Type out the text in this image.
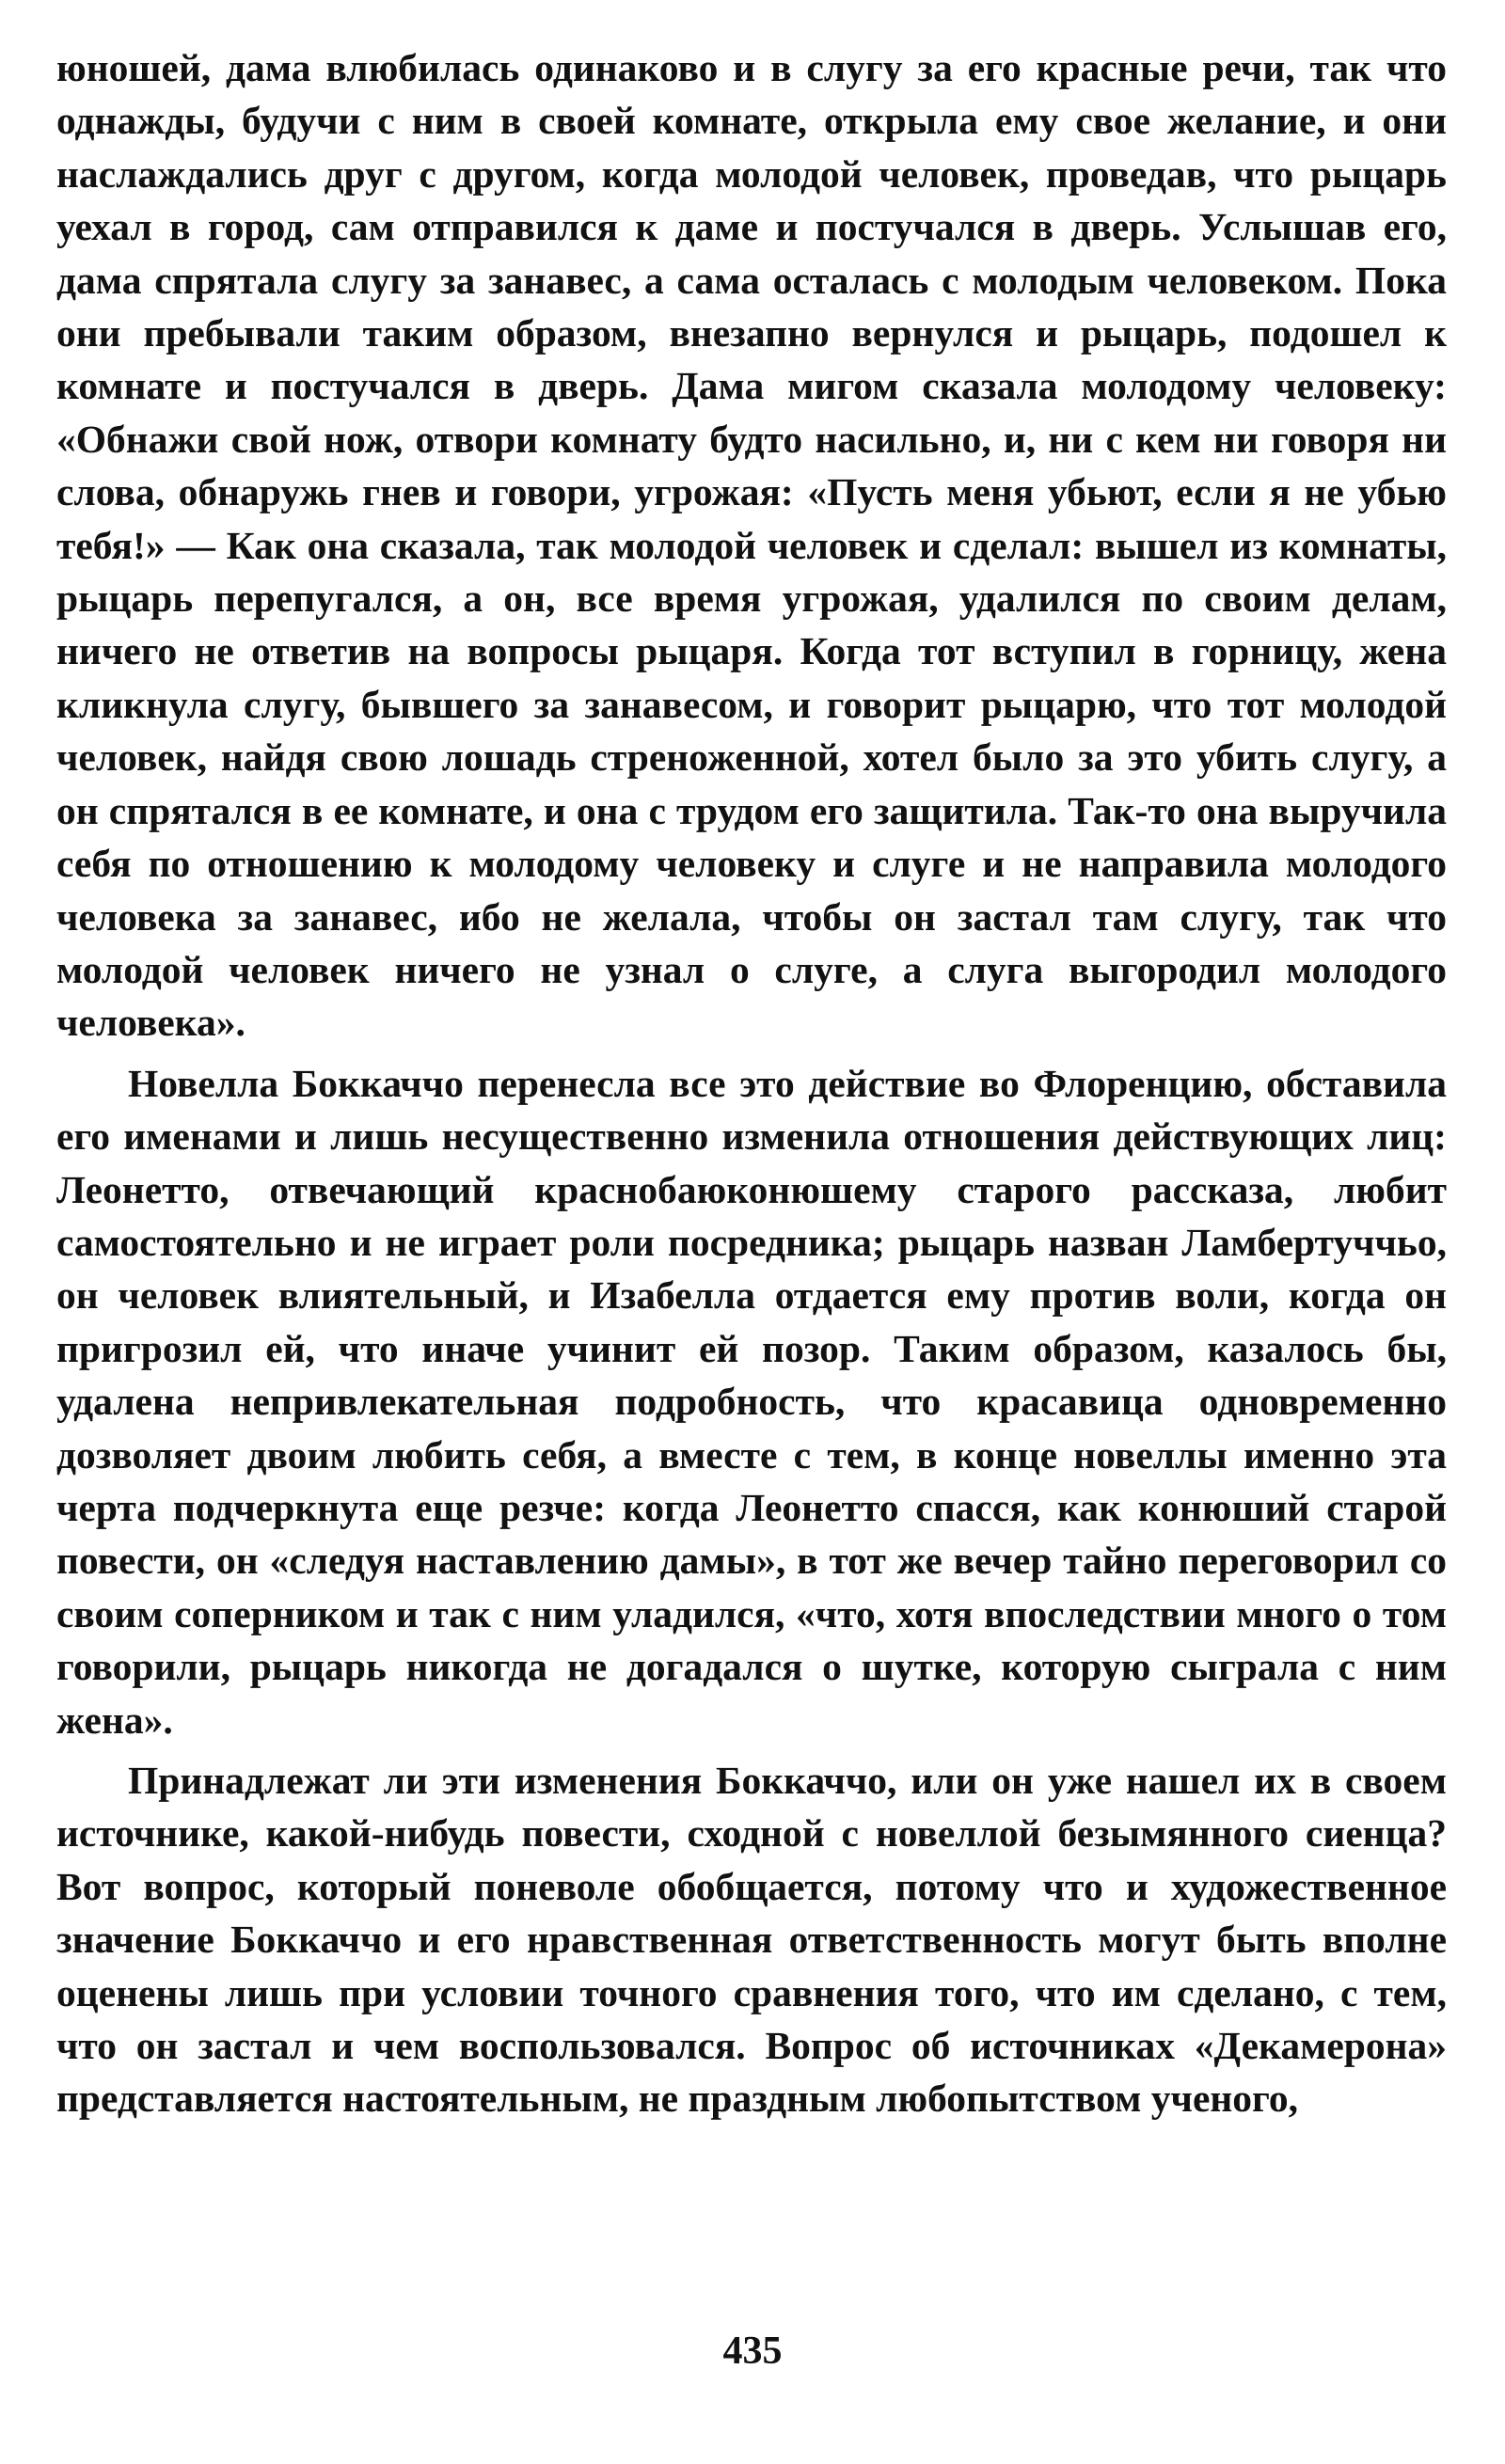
юношей, дама влюбилась одинаково и в слугу за его красные речи, так что однажды, будучи с ним в своей комнате, открыла ему свое желание, и они наслаждались друг с другом, когда молодой человек, проведав, что рыцарь уехал в город, сам отправился к даме и постучался в дверь. Услышав его, дама спрятала слугу за занавес, а сама осталась с молодым человеком. Пока они пребывали таким образом, внезапно вернулся и рыцарь, подошел к комнате и постучался в дверь. Дама мигом сказала молодому человеку: «Обнажи свой нож, отвори комнату будто насильно, и, ни с кем ни говоря ни слова, обнаружь гнев и говори, угрожая: «Пусть меня убьют, если я не убью тебя!» — Как она сказала, так молодой человек и сделал: вышел из комнаты, рыцарь перепугался, а он, все время угрожая, удалился по своим делам, ничего не ответив на вопросы рыцаря. Когда тот вступил в горницу, жена кликнула слугу, бывшего за занавесом, и говорит рыцарю, что тот молодой человек, найдя свою лошадь стреноженной, хотел было за это убить слугу, а он спрятался в ее комнате, и она с трудом его защитила. Так-то она выручила себя по отношению к молодому человеку и слуге и не направила молодого человека за занавес, ибо не желала, чтобы он застал там слугу, так что молодой человек ничего не узнал о слуге, а слуга выгородил молодого человека».

Новелла Боккаччо перенесла все это действие во Флоренцию, обставила его именами и лишь несущественно изменила отношения действующих лиц: Леонетто, отвечающий краснобаюконюшему старого рассказа, любит самостоятельно и не играет роли посредника; рыцарь назван Ламбертуччьо, он человек влиятельный, и Изабелла отдается ему против воли, когда он пригрозил ей, что иначе учинит ей позор. Таким образом, казалось бы, удалена непривлекательная подробность, что красавица одновременно дозволяет двоим любить себя, а вместе с тем, в конце новеллы именно эта черта подчеркнута еще резче: когда Леонетто спасся, как конюший старой повести, он «следуя наставлению дамы», в тот же вечер тайно переговорил со своим соперником и так с ним уладился, «что, хотя впоследствии много о том говорили, рыцарь никогда не догадался о шутке, которую сыграла с ним жена».

Принадлежат ли эти изменения Боккаччо, или он уже нашел их в своем источнике, какой-нибудь повести, сходной с новеллой безымянного сиенца? Вот вопрос, который поневоле обобщается, потому что и художественное значение Боккаччо и его нравственная ответственность могут быть вполне оценены лишь при условии точного сравнения того, что им сделано, с тем, что он застал и чем воспользовался. Вопрос об источниках «Декамерона» представляется настоятельным, не праздным любопытством ученого,

435
